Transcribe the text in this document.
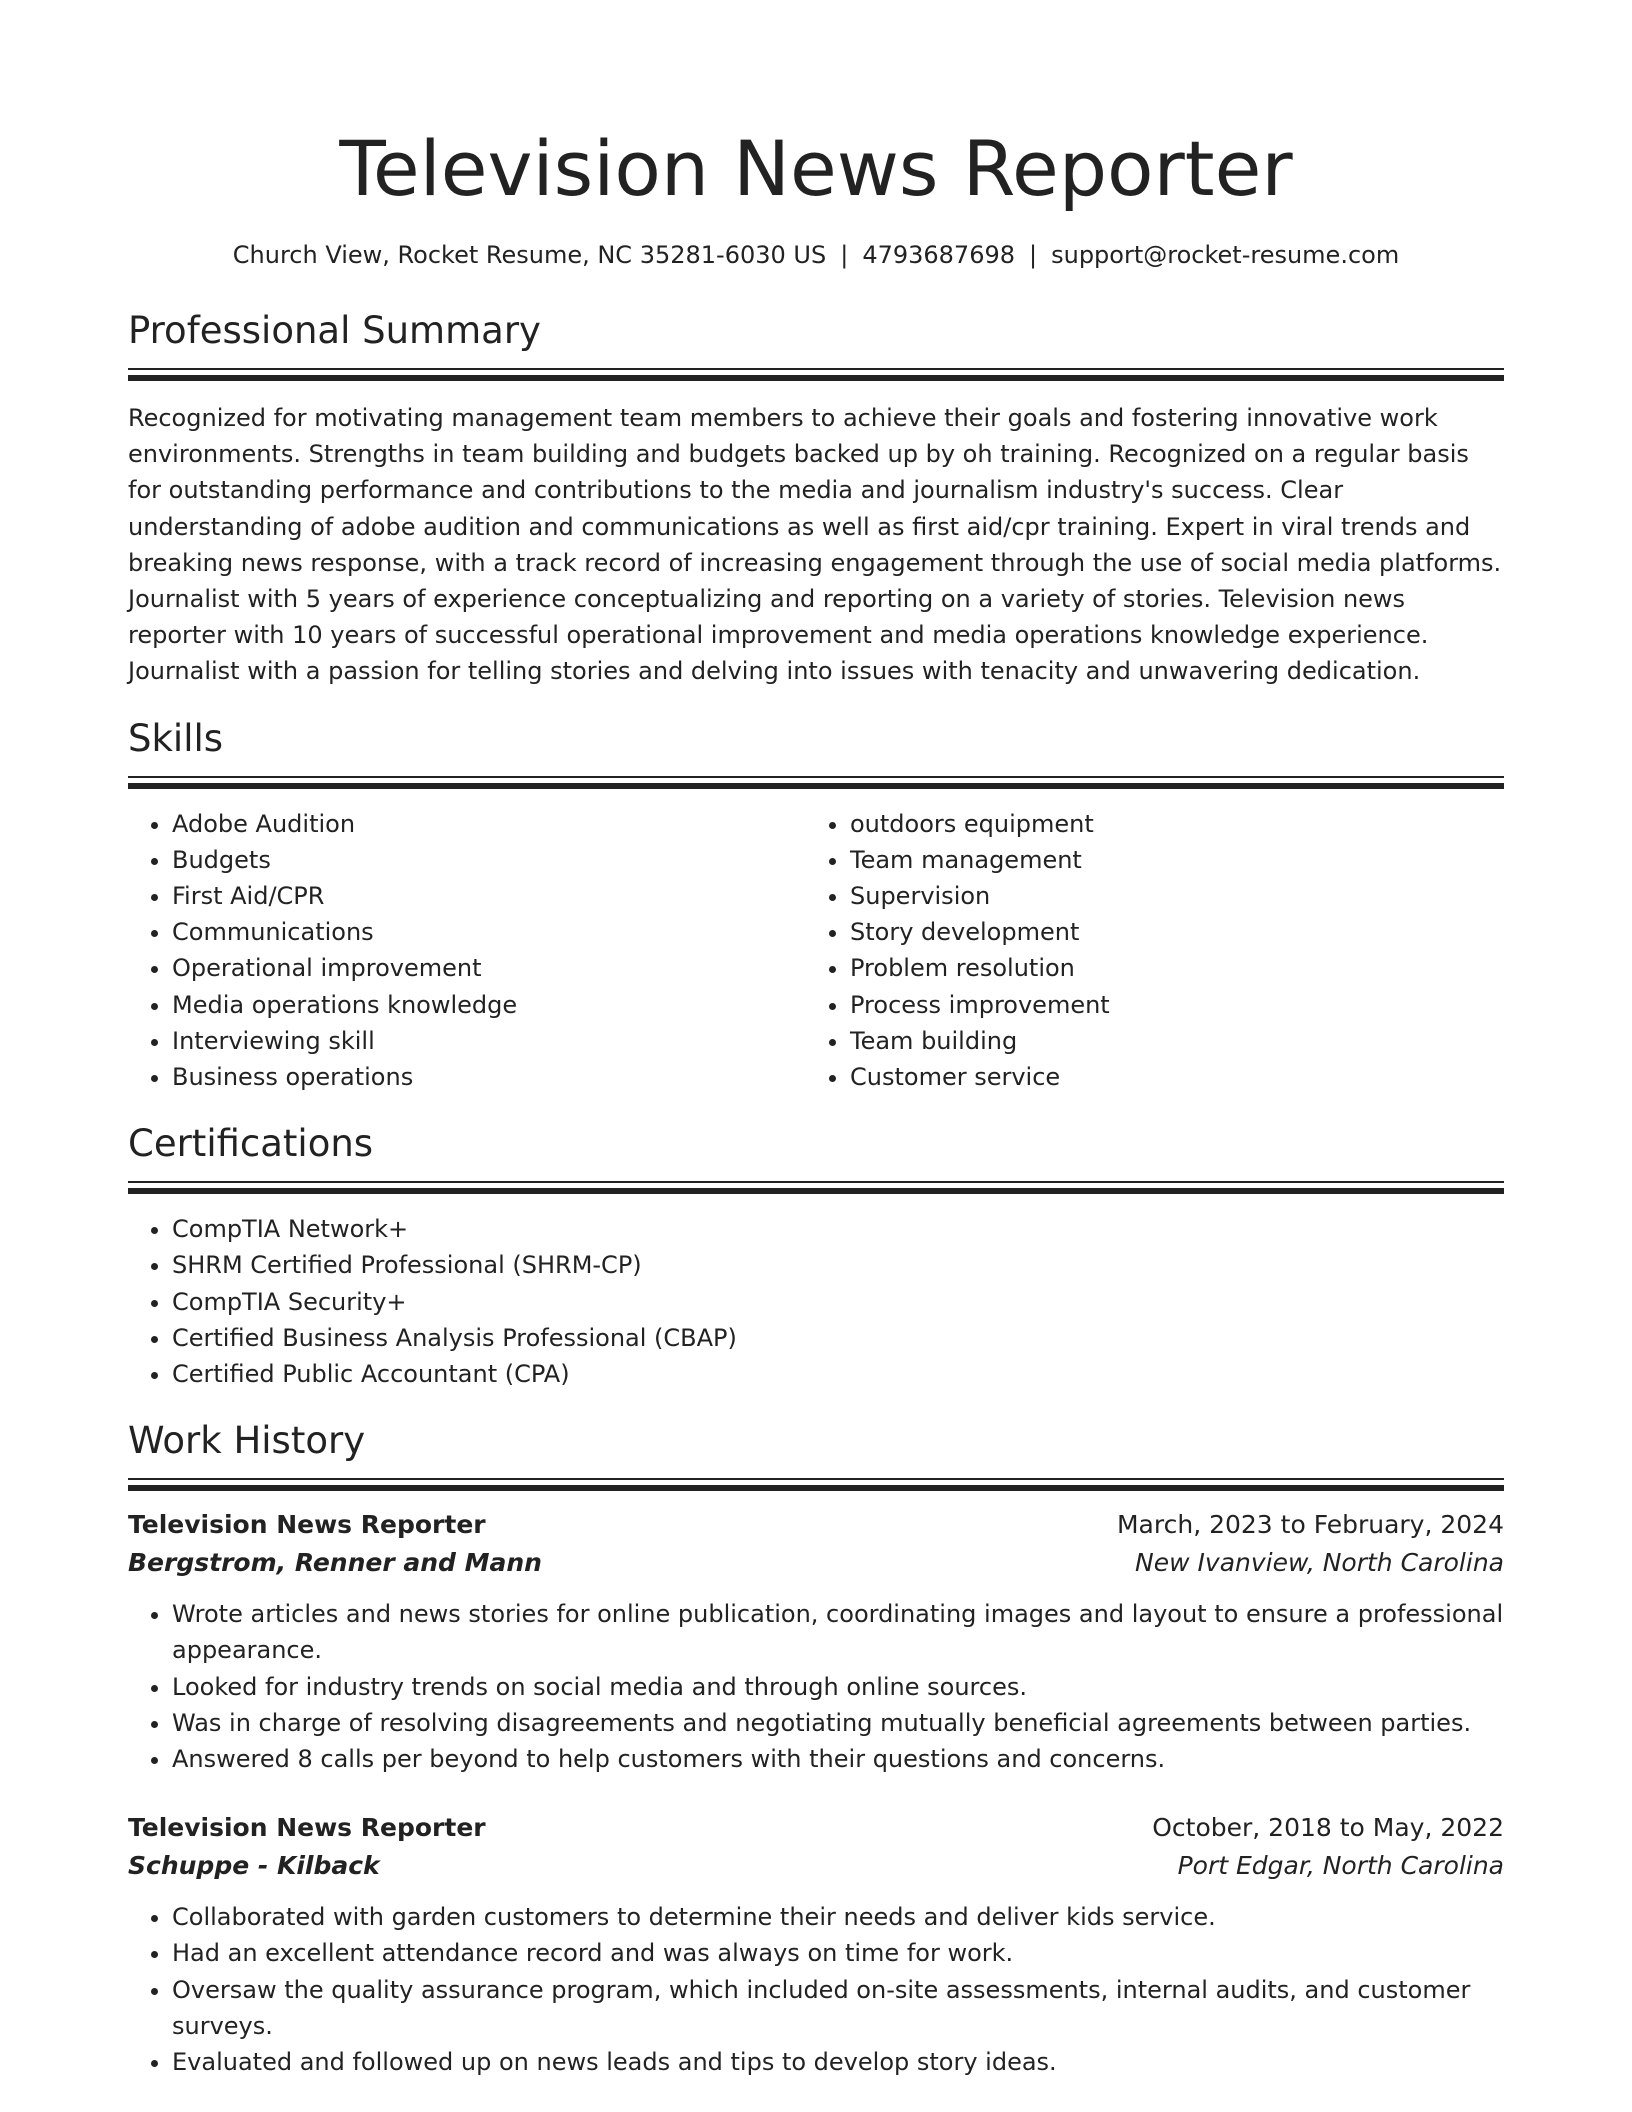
Television News Reporter
Church View, Rocket Resume, NC 35281-6030 US | 4793687698 | support@rocket-resume.com
Professional Summary
Recognized for motivating management team members to achieve their goals and fostering innovative work environments. Strengths in team building and budgets backed up by oh training. Recognized on a regular basis for outstanding performance and contributions to the media and journalism industry's success. Clear understanding of adobe audition and communications as well as first aid/cpr training. Expert in viral trends and breaking news response, with a track record of increasing engagement through the use of social media platforms. Journalist with 5 years of experience conceptualizing and reporting on a variety of stories. Television news reporter with 10 years of successful operational improvement and media operations knowledge experience. Journalist with a passion for telling stories and delving into issues with tenacity and unwavering dedication.
Skills
• Adobe Audition
• Budgets
• First Aid/CPR
• Communications
• Operational improvement
• Media operations knowledge
• Interviewing skill
• Business operations
• outdoors equipment
• Team management
• Supervision
• Story development
• Problem resolution
• Process improvement
• Team building
• Customer service
Certifications
• CompTIA Network+
• SHRM Certified Professional (SHRM-CP)
• CompTIA Security+
• Certified Business Analysis Professional (CBAP)
• Certified Public Accountant (CPA)
Work History
Television News Reporter	March, 2023 to February, 2024
Bergstrom, Renner and Mann	New Ivanview, North Carolina
• Wrote articles and news stories for online publication, coordinating images and layout to ensure a professional appearance.
• Looked for industry trends on social media and through online sources.
• Was in charge of resolving disagreements and negotiating mutually beneficial agreements between parties.
• Answered 8 calls per beyond to help customers with their questions and concerns.
Television News Reporter	October, 2018 to May, 2022
Schuppe - Kilback	Port Edgar, North Carolina
• Collaborated with garden customers to determine their needs and deliver kids service.
• Had an excellent attendance record and was always on time for work.
• Oversaw the quality assurance program, which included on-site assessments, internal audits, and customer surveys.
• Evaluated and followed up on news leads and tips to develop story ideas.
